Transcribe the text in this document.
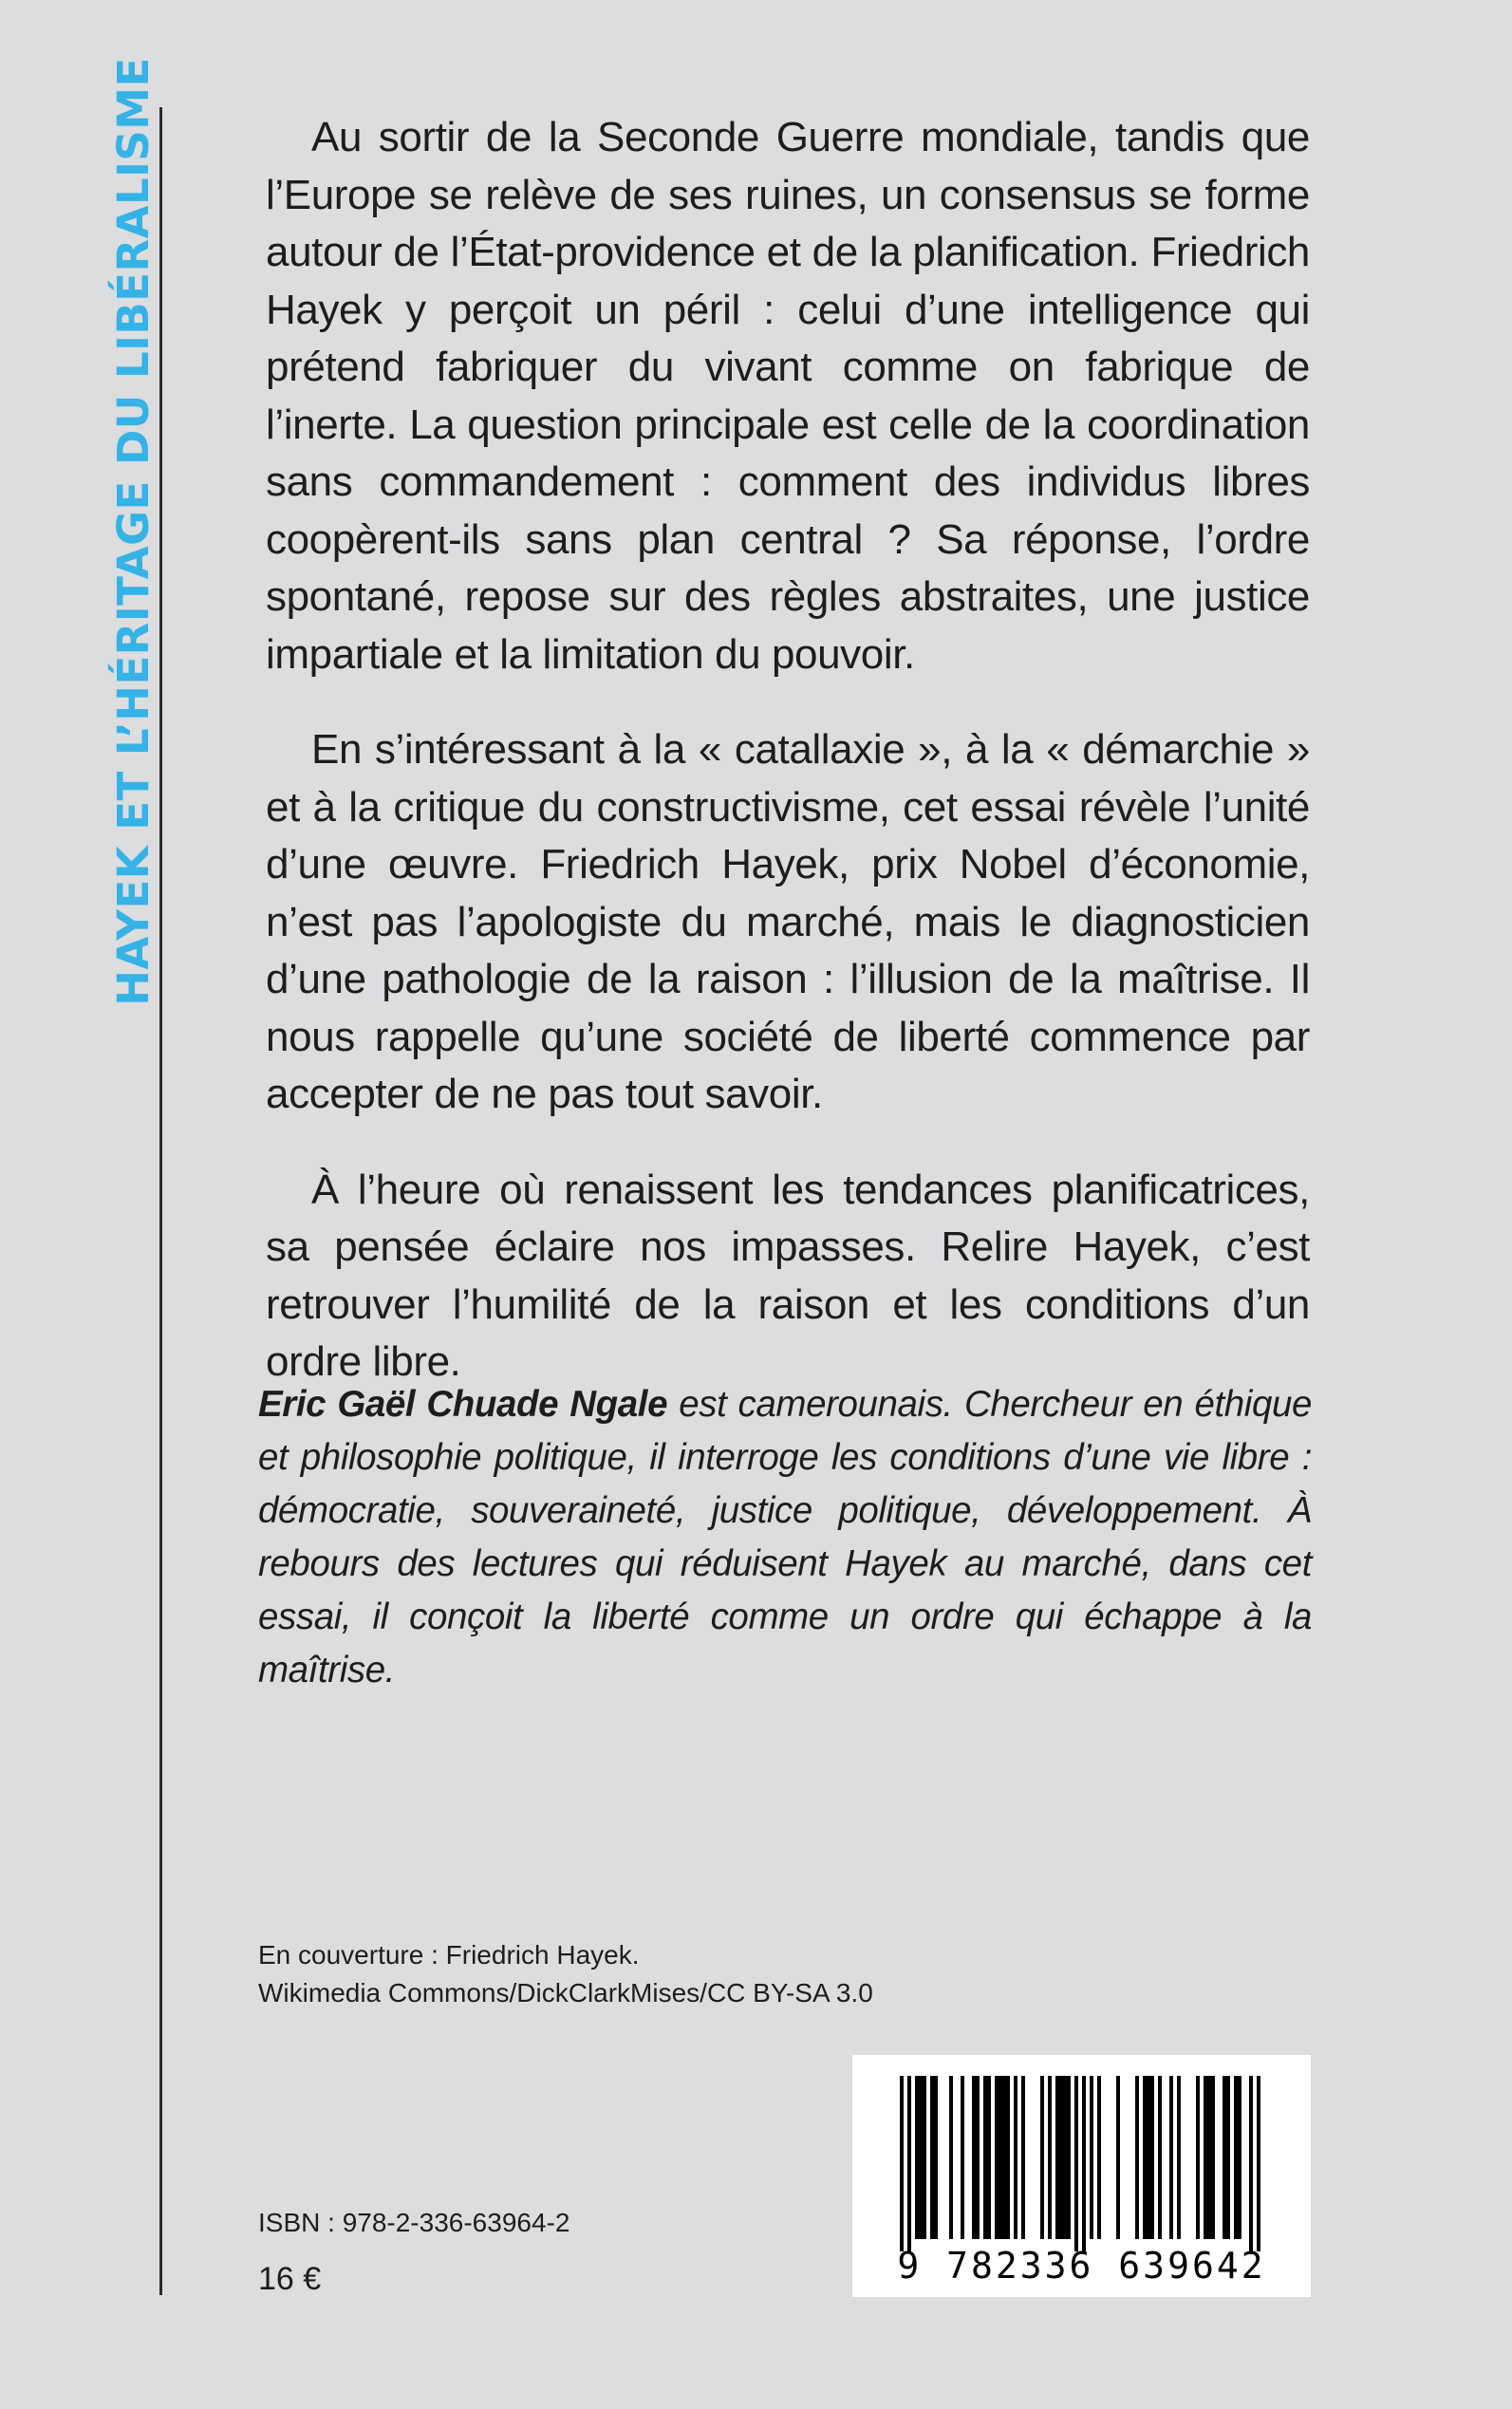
HAYEK ET L’HÉRITAGE DU LIBÉRALISME	Au sortir de la Seconde Guerre mondiale, tandis que l’Europe se relève de ses ruines, un consensus se forme autour de l’État-providence et de la planification. Friedrich Hayek y perçoit un péril : celui d’une intelligence qui prétend fabriquer du vivant comme on fabrique de l’inerte. La question principale est celle de la coordination sans commandement : comment des individus libres coopèrent-ils sans plan central ? Sa réponse, l’ordre spontané, repose sur des règles abstraites, une justice impartiale et la limitation du pouvoir.

En s’intéressant à la « catallaxie », à la « démarchie » et à la critique du constructivisme, cet essai révèle l’unité d’une œuvre. Friedrich Hayek, prix Nobel d’économie, n’est pas l’apologiste du marché, mais le diagnosticien d’une pathologie de la raison : l’illusion de la maîtrise. Il nous rappelle qu’une société de liberté commence par accepter de ne pas tout savoir.

À l’heure où renaissent les tendances planificatrices, sa pensée éclaire nos impasses. Relire Hayek, c’est retrouver l’humilité de la raison et les conditions d’un ordre libre.

Eric Gaël Chuade Ngale est camerounais. Chercheur en éthique et philosophie politique, il interroge les conditions d’une vie libre : démocratie, souveraineté, justice politique, développement. À rebours des lectures qui réduisent Hayek au marché, dans cet essai, il conçoit la liberté comme un ordre qui échappe à la maîtrise.
En couverture : Friedrich Hayek.
Wikimedia Commons/DickClarkMises/CC BY-SA 3.0
ISBN : 978-2-336-63964-2
16 €	9 782336 639642
